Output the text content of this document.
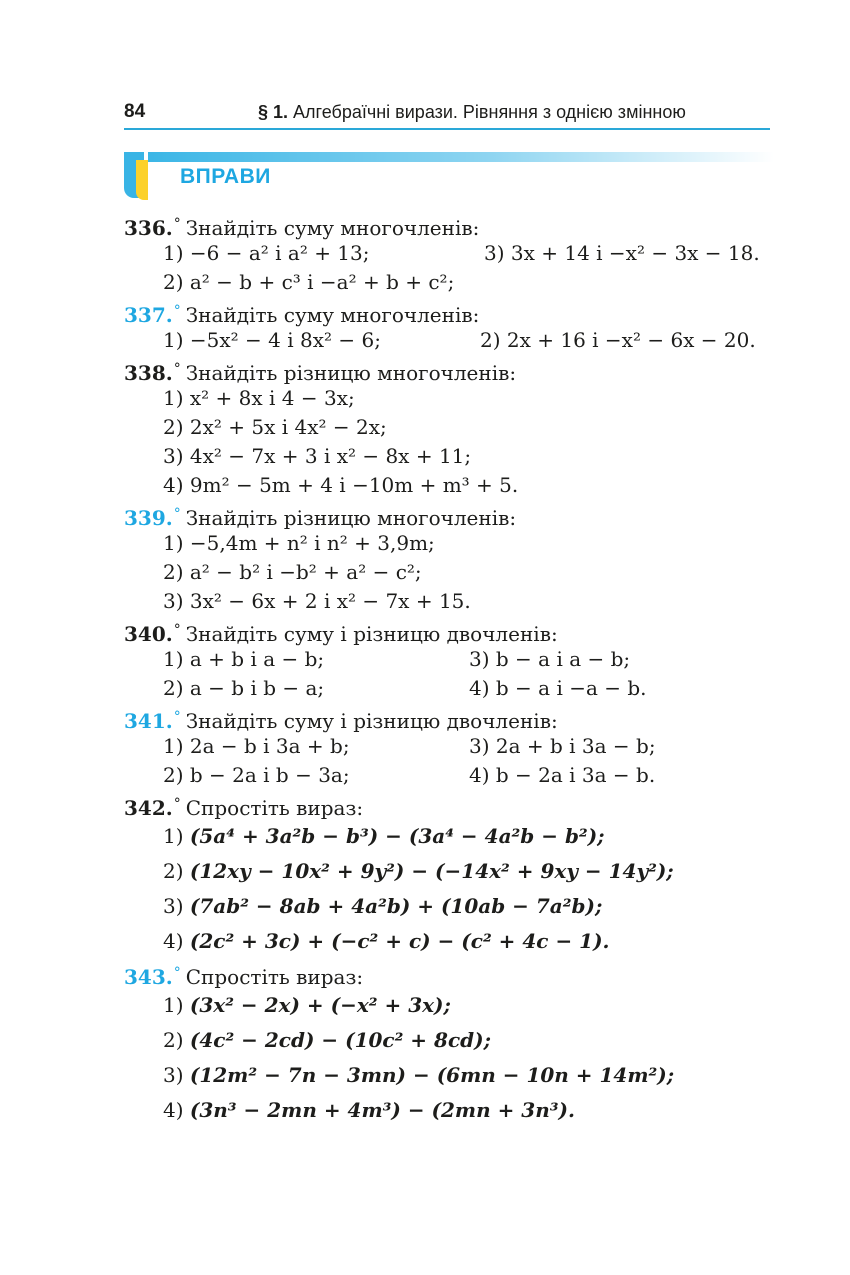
84	§ 1. Алгебраїчні вирази. Рівняння з однією змінною
ВПРАВИ
336.° Знайдіть суму многочленів:
1) −6 − a² і a² + 13;	3) 3x + 14 і −x² − 3x − 18.
2) a² − b + c³ і −a² + b + c²;
337.° Знайдіть суму многочленів:
1) −5x² − 4 і 8x² − 6;	2) 2x + 16 і −x² − 6x − 20.
338.° Знайдіть різницю многочленів:
1) x² + 8x і 4 − 3x;
2) 2x² + 5x і 4x² − 2x;
3) 4x² − 7x + 3 і x² − 8x + 11;
4) 9m² − 5m + 4 і −10m + m³ + 5.
339.° Знайдіть різницю многочленів:
1) −5,4m + n² і n² + 3,9m;
2) a² − b² і −b² + a² − c²;
3) 3x² − 6x + 2 і x² − 7x + 15.
340.° Знайдіть суму і різницю двочленів:
1) a + b і a − b;	3) b − a і a − b;
2) a − b і b − a;	4) b − a і −a − b.
341.° Знайдіть суму і різницю двочленів:
1) 2a − b і 3a + b;	3) 2a + b і 3a − b;
2) b − 2a і b − 3a;	4) b − 2a і 3a − b.
342.° Спростіть вираз:
1) (5a⁴ + 3a²b − b³) − (3a⁴ − 4a²b − b²);
2) (12xy − 10x² + 9y²) − (−14x² + 9xy − 14y²);
3) (7ab² − 8ab + 4a²b) + (10ab − 7a²b);
4) (2c² + 3c) + (−c² + c) − (c² + 4c − 1).
343.° Спростіть вираз:
1) (3x² − 2x) + (−x² + 3x);
2) (4c² − 2cd) − (10c² + 8cd);
3) (12m² − 7n − 3mn) − (6mn − 10n + 14m²);
4) (3n³ − 2mn + 4m³) − (2mn + 3n³).
